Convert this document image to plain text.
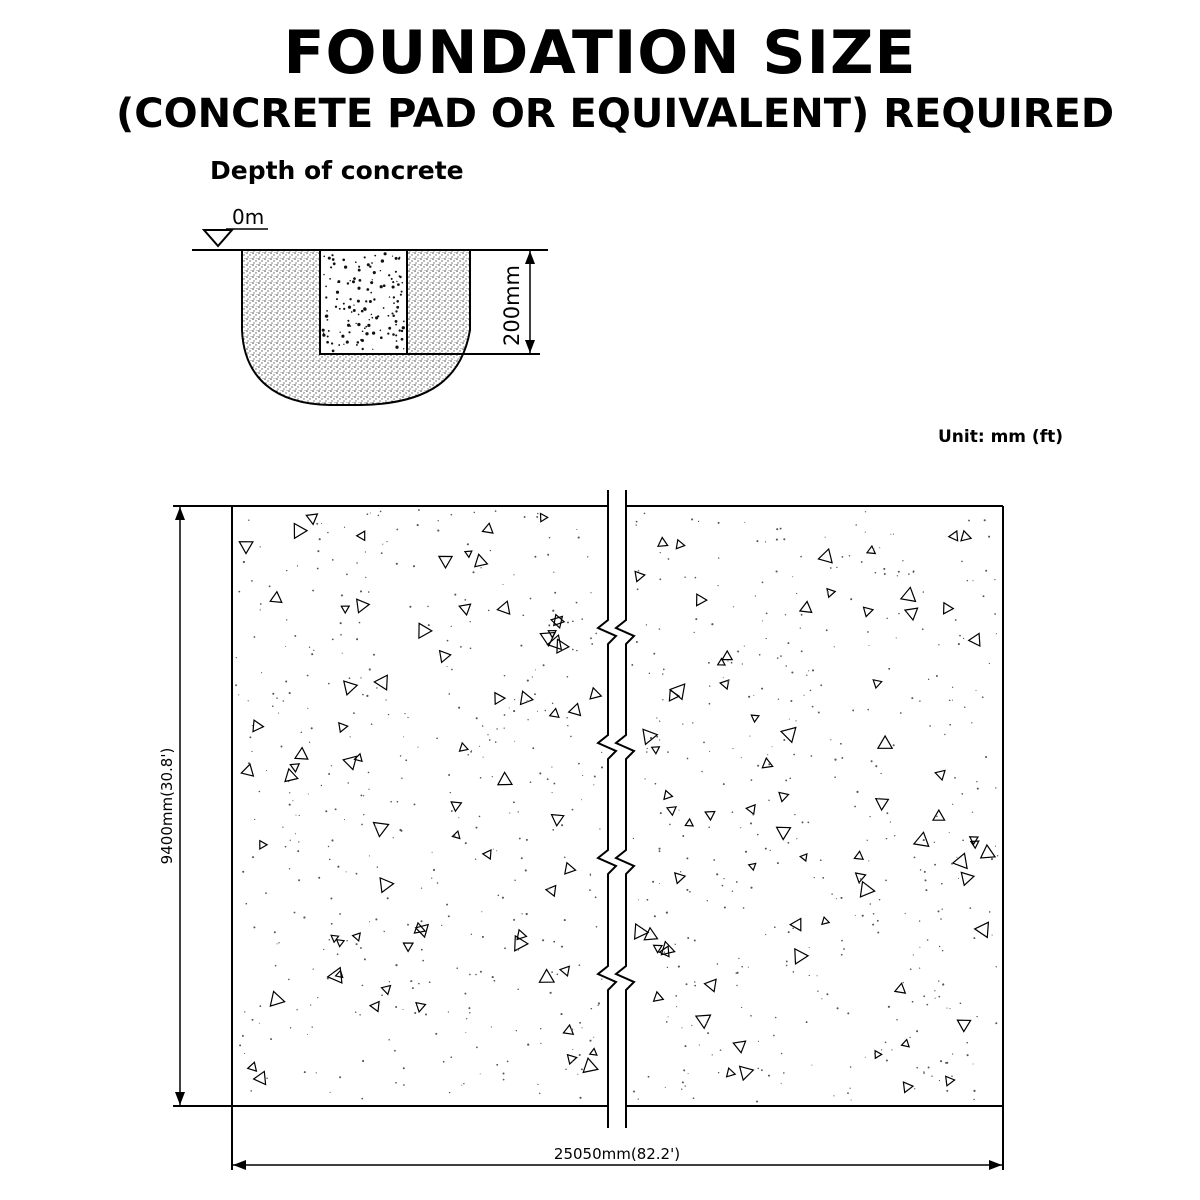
FOUNDATION SIZE
(CONCRETE PAD OR EQUIVALENT) REQUIRED
Depth of concrete
Unit: mm (ft)
0m
200mm
9400mm(30.8')
25050mm(82.2')
